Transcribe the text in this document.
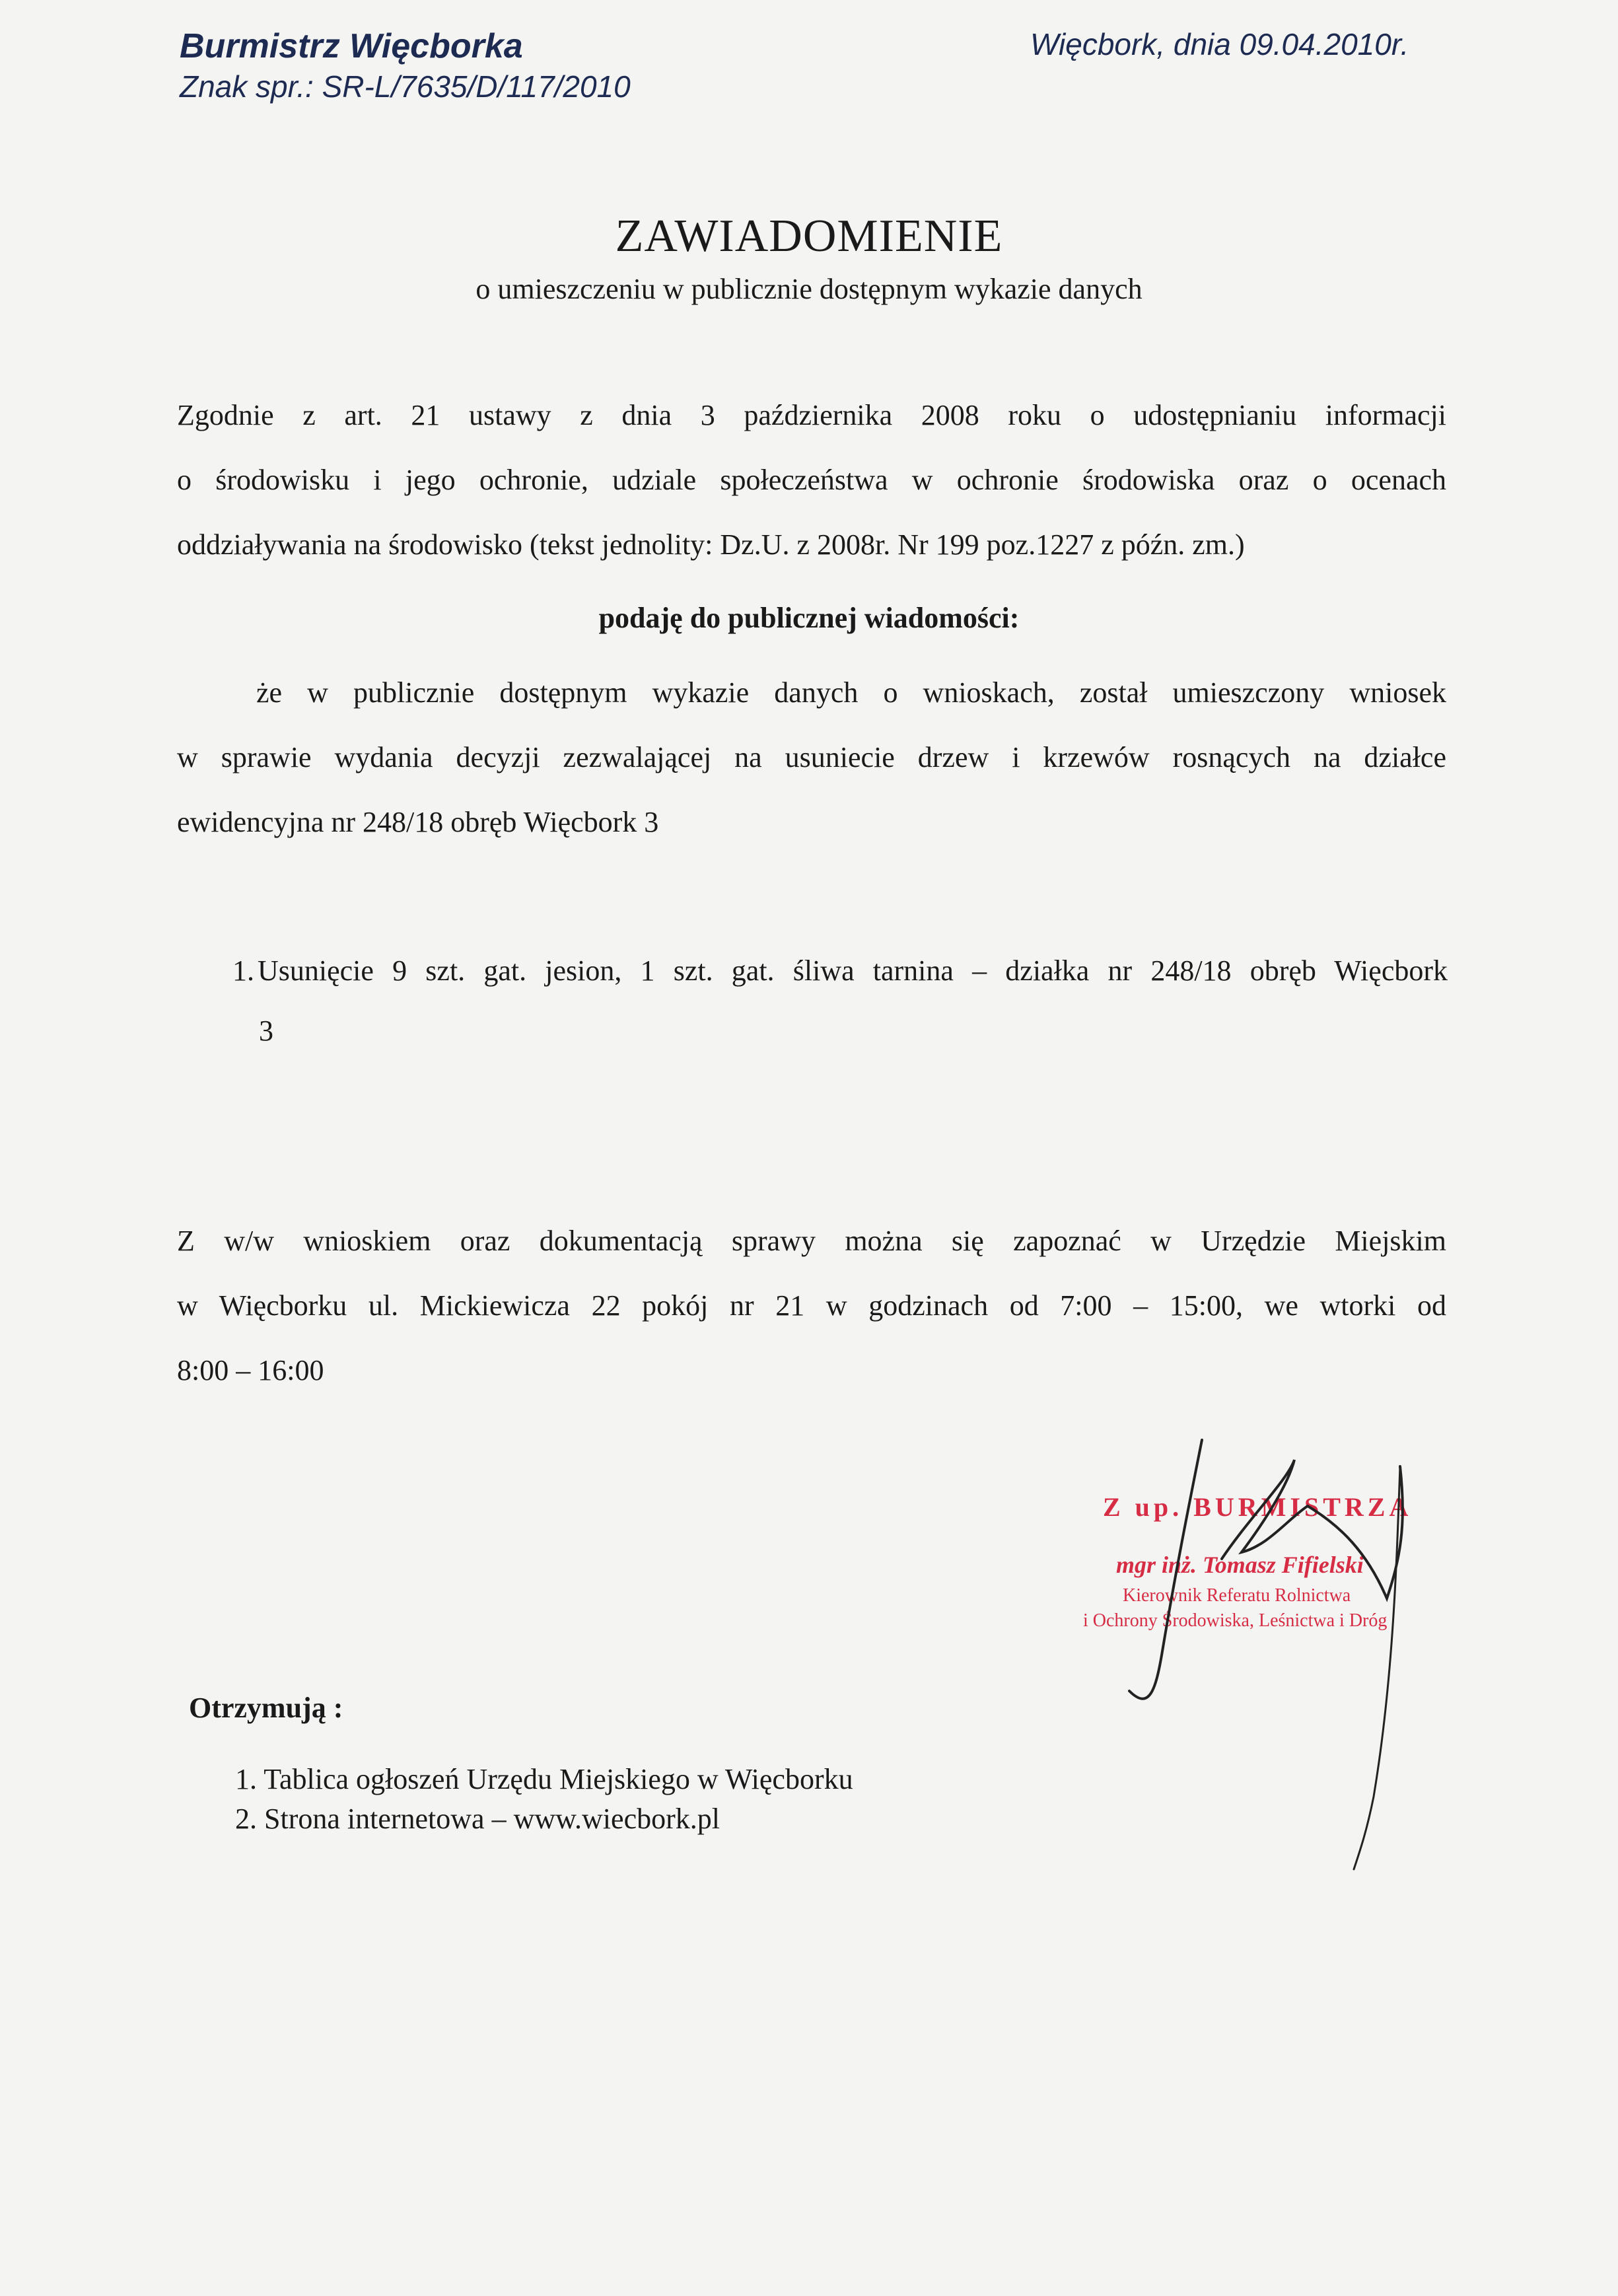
Burmistrz Więcborka
Znak spr.: SR-L/7635/D/117/2010
Więcbork, dnia 09.04.2010r.
ZAWIADOMIENIE
o umieszczeniu w publicznie dostępnym wykazie danych
Zgodnie z art. 21 ustawy z dnia 3 października 2008 roku o udostępnianiu informacji
o środowisku i jego ochronie, udziale społeczeństwa w ochronie środowiska oraz o ocenach
oddziaływania na środowisko (tekst jednolity: Dz.U. z 2008r. Nr 199 poz.1227 z późn. zm.)
podaję do publicznej wiadomości:
że w publicznie dostępnym wykazie danych o wnioskach, został umieszczony wniosek
w sprawie wydania decyzji zezwalającej na usuniecie drzew i krzewów rosnących na działce
ewidencyjna nr 248/18 obręb Więcbork 3
1. Usunięcie 9 szt. gat. jesion, 1 szt. gat. śliwa tarnina – działka nr 248/18 obręb Więcbork
3
Z w/w wnioskiem oraz dokumentacją sprawy można się zapoznać w Urzędzie Miejskim
w Więcborku ul. Mickiewicza 22 pokój nr 21 w godzinach od 7:00 – 15:00, we wtorki od
8:00 – 16:00
Z up. BURMISTRZA
mgr inż. Tomasz Fifielski
Kierownik Referatu Rolnictwa
i Ochrony Środowiska, Leśnictwa i Dróg
Otrzymują :
1. Tablica ogłoszeń Urzędu Miejskiego w Więcborku
2. Strona internetowa – www.wiecbork.pl
